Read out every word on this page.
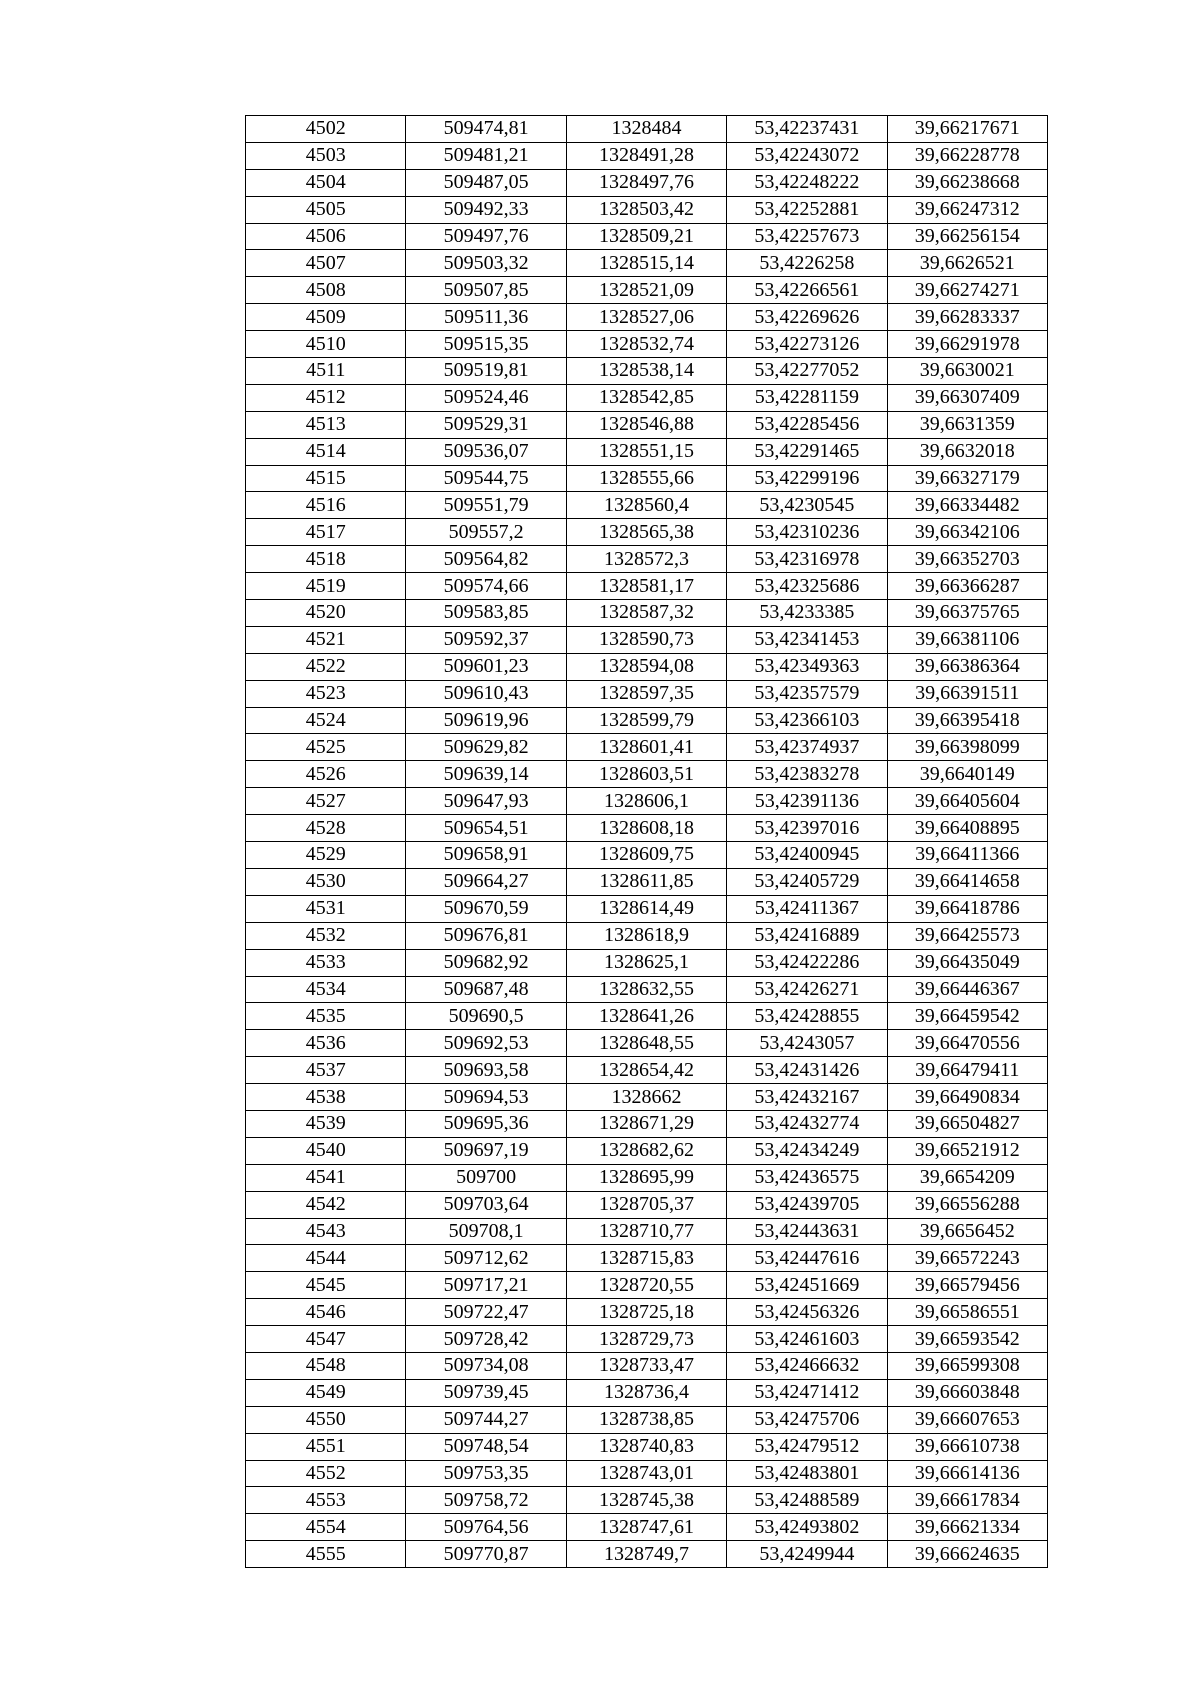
4502	509474,81	1328484	53,42237431	39,66217671
4503	509481,21	1328491,28	53,42243072	39,66228778
4504	509487,05	1328497,76	53,42248222	39,66238668
4505	509492,33	1328503,42	53,42252881	39,66247312
4506	509497,76	1328509,21	53,42257673	39,66256154
4507	509503,32	1328515,14	53,4226258	39,6626521
4508	509507,85	1328521,09	53,42266561	39,66274271
4509	509511,36	1328527,06	53,42269626	39,66283337
4510	509515,35	1328532,74	53,42273126	39,66291978
4511	509519,81	1328538,14	53,42277052	39,6630021
4512	509524,46	1328542,85	53,42281159	39,66307409
4513	509529,31	1328546,88	53,42285456	39,6631359
4514	509536,07	1328551,15	53,42291465	39,6632018
4515	509544,75	1328555,66	53,42299196	39,66327179
4516	509551,79	1328560,4	53,4230545	39,66334482
4517	509557,2	1328565,38	53,42310236	39,66342106
4518	509564,82	1328572,3	53,42316978	39,66352703
4519	509574,66	1328581,17	53,42325686	39,66366287
4520	509583,85	1328587,32	53,4233385	39,66375765
4521	509592,37	1328590,73	53,42341453	39,66381106
4522	509601,23	1328594,08	53,42349363	39,66386364
4523	509610,43	1328597,35	53,42357579	39,66391511
4524	509619,96	1328599,79	53,42366103	39,66395418
4525	509629,82	1328601,41	53,42374937	39,66398099
4526	509639,14	1328603,51	53,42383278	39,6640149
4527	509647,93	1328606,1	53,42391136	39,66405604
4528	509654,51	1328608,18	53,42397016	39,66408895
4529	509658,91	1328609,75	53,42400945	39,66411366
4530	509664,27	1328611,85	53,42405729	39,66414658
4531	509670,59	1328614,49	53,42411367	39,66418786
4532	509676,81	1328618,9	53,42416889	39,66425573
4533	509682,92	1328625,1	53,42422286	39,66435049
4534	509687,48	1328632,55	53,42426271	39,66446367
4535	509690,5	1328641,26	53,42428855	39,66459542
4536	509692,53	1328648,55	53,4243057	39,66470556
4537	509693,58	1328654,42	53,42431426	39,66479411
4538	509694,53	1328662	53,42432167	39,66490834
4539	509695,36	1328671,29	53,42432774	39,66504827
4540	509697,19	1328682,62	53,42434249	39,66521912
4541	509700	1328695,99	53,42436575	39,6654209
4542	509703,64	1328705,37	53,42439705	39,66556288
4543	509708,1	1328710,77	53,42443631	39,6656452
4544	509712,62	1328715,83	53,42447616	39,66572243
4545	509717,21	1328720,55	53,42451669	39,66579456
4546	509722,47	1328725,18	53,42456326	39,66586551
4547	509728,42	1328729,73	53,42461603	39,66593542
4548	509734,08	1328733,47	53,42466632	39,66599308
4549	509739,45	1328736,4	53,42471412	39,66603848
4550	509744,27	1328738,85	53,42475706	39,66607653
4551	509748,54	1328740,83	53,42479512	39,66610738
4552	509753,35	1328743,01	53,42483801	39,66614136
4553	509758,72	1328745,38	53,42488589	39,66617834
4554	509764,56	1328747,61	53,42493802	39,66621334
4555	509770,87	1328749,7	53,4249944	39,66624635
